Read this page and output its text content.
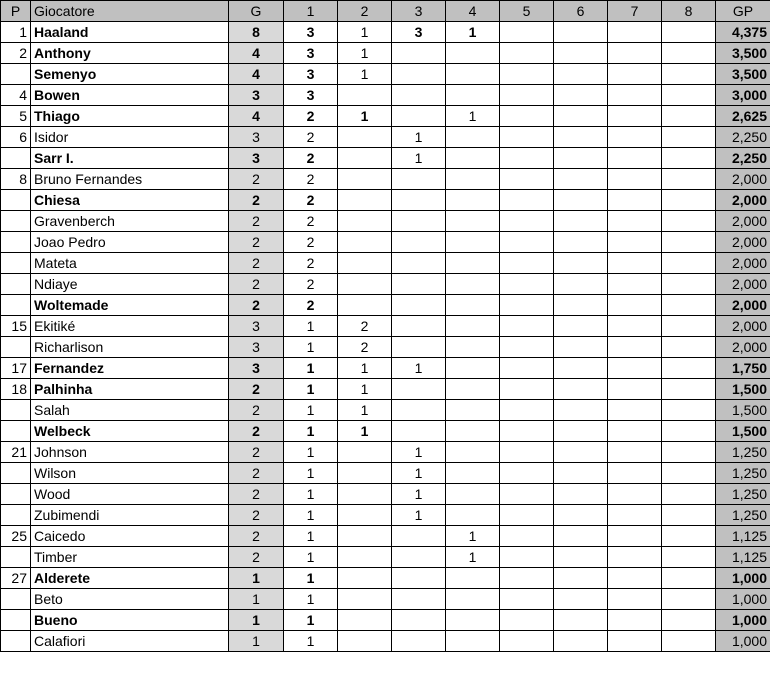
P	Giocatore	G	1	2	3	4	5	6	7	8	GP
1	Haaland	8	3	1	3	1					4,375
2	Anthony	4	3	1							3,500
	Semenyo	4	3	1							3,500
4	Bowen	3	3								3,000
5	Thiago	4	2	1		1					2,625
6	Isidor	3	2		1						2,250
	Sarr I.	3	2		1						2,250
8	Bruno Fernandes	2	2								2,000
	Chiesa	2	2								2,000
	Gravenberch	2	2								2,000
	Joao Pedro	2	2								2,000
	Mateta	2	2								2,000
	Ndiaye	2	2								2,000
	Woltemade	2	2								2,000
15	Ekitiké	3	1	2							2,000
	Richarlison	3	1	2							2,000
17	Fernandez	3	1	1	1						1,750
18	Palhinha	2	1	1							1,500
	Salah	2	1	1							1,500
	Welbeck	2	1	1							1,500
21	Johnson	2	1		1						1,250
	Wilson	2	1		1						1,250
	Wood	2	1		1						1,250
	Zubimendi	2	1		1						1,250
25	Caicedo	2	1			1					1,125
	Timber	2	1			1					1,125
27	Alderete	1	1								1,000
	Beto	1	1								1,000
	Bueno	1	1								1,000
	Calafiori	1	1								1,000
